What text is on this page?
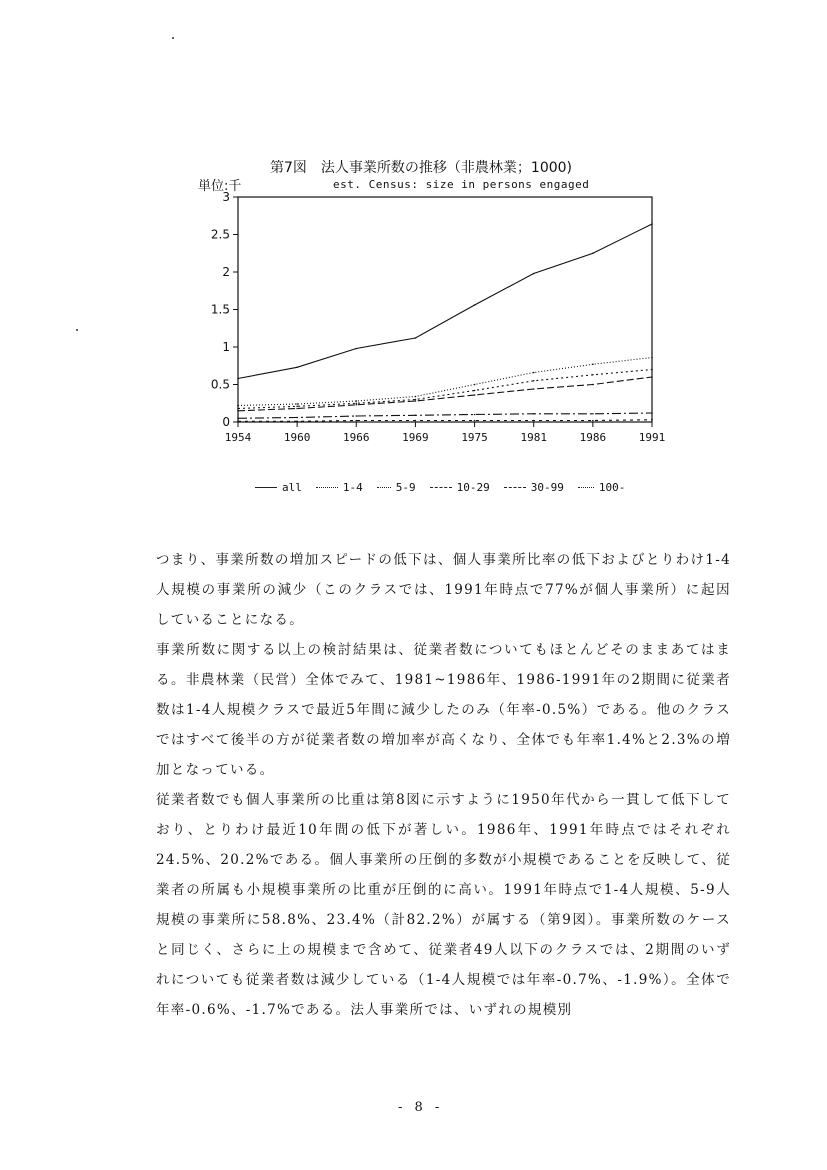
第7図　法人事業所数の推移（非農林業；1000)
単位:千	est. Census: size in persons engaged
0
0.5
1
1.5
2
2.5
3
1954	1960	1966	1969	1975	1981	1986	1991
all	1-4	5-9	10-29	30-99	100-

つまり、事業所数の増加スピードの低下は、個人事業所比率の低下およびとりわけ1-4人規模の事業所の減少（このクラスでは、1991年時点で77%が個人事業所）に起因していることになる。

事業所数に関する以上の検討結果は、従業者数についてもほとんどそのままあてはまる。非農林業（民営）全体でみて、1981~1986年、1986-1991年の2期間に従業者数は1-4人規模クラスで最近5年間に減少したのみ（年率-0.5%）である。他のクラスではすべて後半の方が従業者数の増加率が高くなり、全体でも年率1.4%と2.3%の増加となっている。

従業者数でも個人事業所の比重は第8図に示すように1950年代から一貫して低下しており、とりわけ最近10年間の低下が著しい。1986年、1991年時点ではそれぞれ24.5%、20.2%である。個人事業所の圧倒的多数が小規模であることを反映して、従業者の所属も小規模事業所の比重が圧倒的に高い。1991年時点で1-4人規模、5-9人規模の事業所に58.8%、23.4%（計82.2%）が属する（第9図）。事業所数のケースと同じく、さらに上の規模まで含めて、従業者49人以下のクラスでは、2期間のいずれについても従業者数は減少している（1-4人規模では年率-0.7%、-1.9%）。全体で年率-0.6%、-1.7%である。法人事業所では、いずれの規模別

- 8 -
